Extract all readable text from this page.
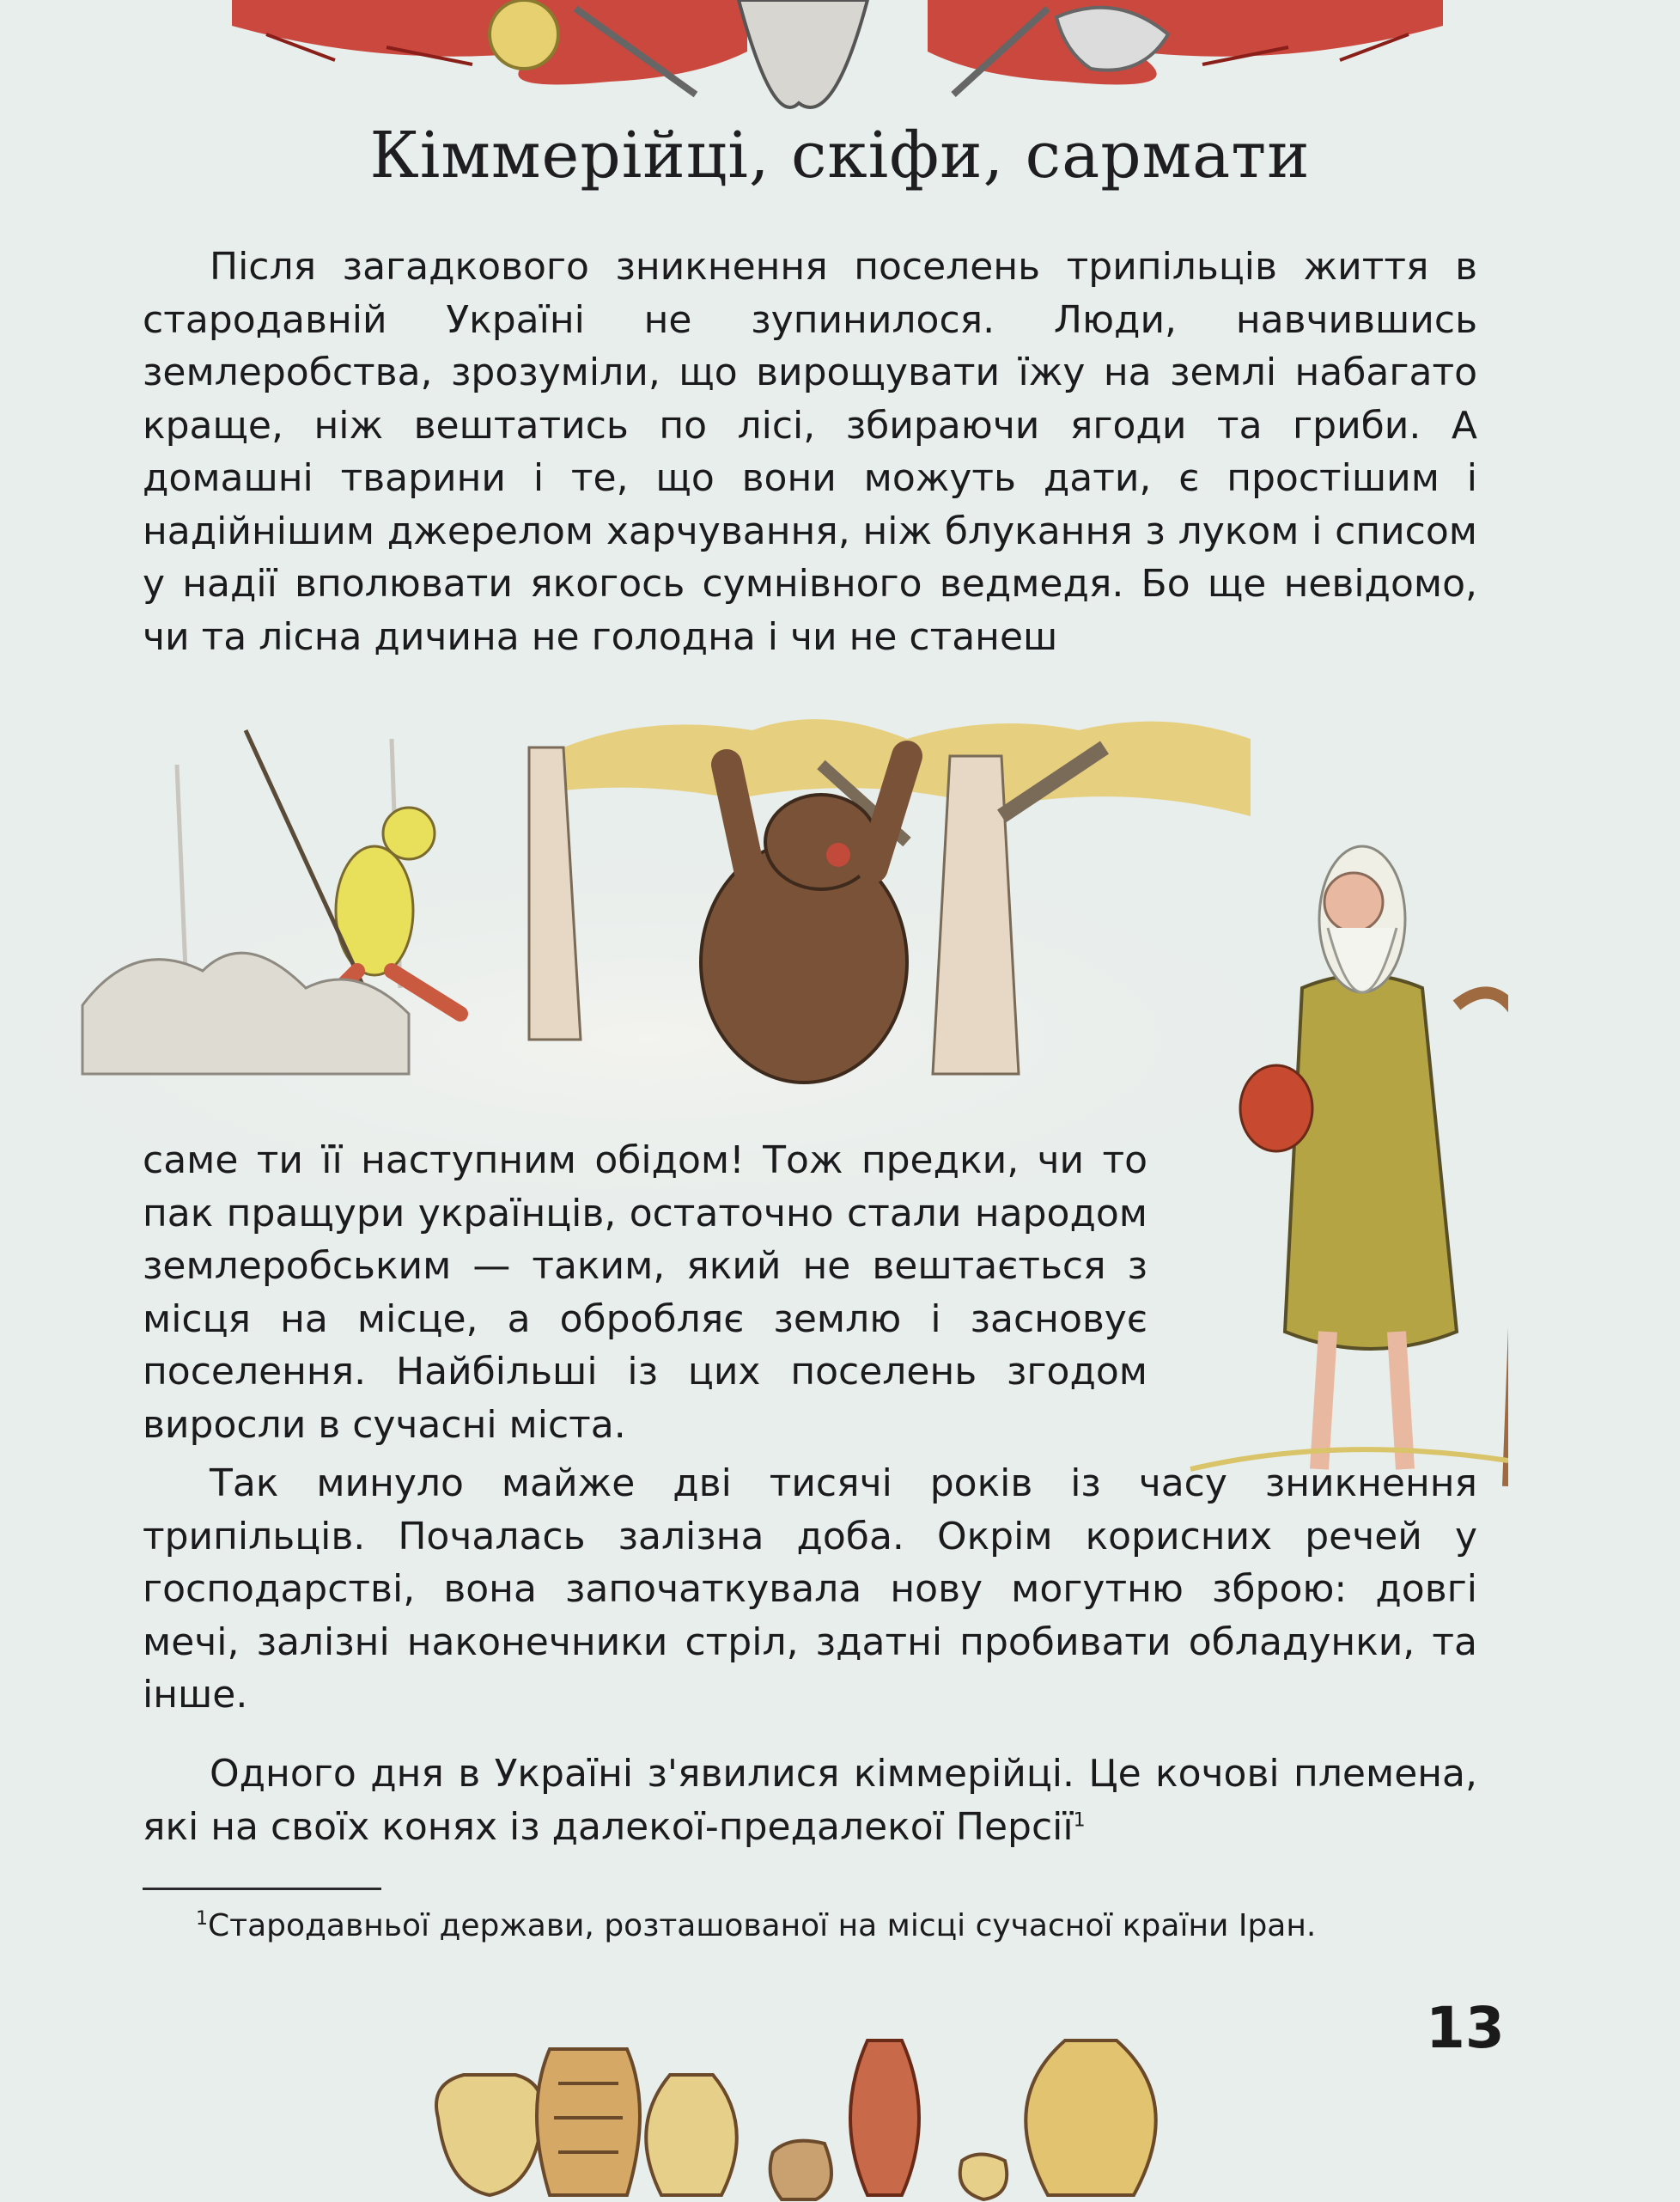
Кіммерійці, скіфи, сармати

Після загадкового зникнення поселень трипільців життя в стародавній Україні не зупинилося. Люди, навчившись землеробства, зрозуміли, що вирощувати їжу на землі набагато краще, ніж вештатись по лісі, збираючи ягоди та гриби. А домашні тварини і те, що вони можуть дати, є простішим і надійнішим джерелом харчування, ніж блукання з луком і списом у надії вполювати якогось сумнівного ведмедя. Бо ще невідомо, чи та лісна дичина не голодна і чи не станеш

саме ти її наступним обідом! Тож предки, чи то пак пращури українців, остаточно стали народом землеробським — таким, який не вештається з місця на місце, а обробляє землю і засновує поселення. Найбільші із цих поселень згодом виросли в сучасні міста.

Так минуло майже дві тисячі років із часу зникнення трипільців. Почалась залізна доба. Окрім корисних речей у господарстві, вона започаткувала нову могутню зброю: довгі мечі, залізні наконечники стріл, здатні пробивати обладунки, та інше.

Одного дня в Україні з'явилися кіммерійці. Це кочові племена, які на своїх конях із далекої-предалекої Персії$^1$

$^1$Стародавньої держави, розташованої на місці сучасної країни Іран.

13
